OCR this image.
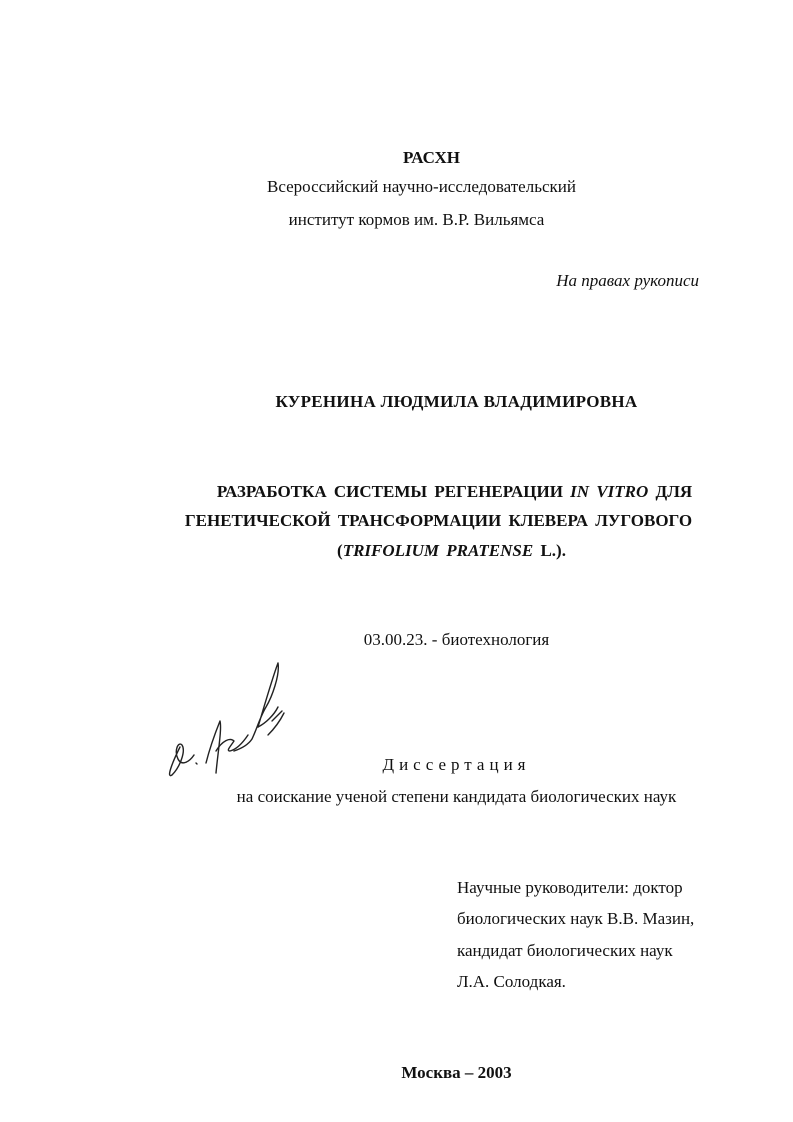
РАСХН
Всероссийский научно-исследовательский
институт кормов им. В.Р. Вильямса
На правах рукописи
КУРЕНИНА ЛЮДМИЛА ВЛАДИМИРОВНА
РАЗРАБОТКА СИСТЕМЫ РЕГЕНЕРАЦИИ IN VITRO ДЛЯ
ГЕНЕТИЧЕСКОЙ ТРАНСФОРМАЦИИ КЛЕВЕРА ЛУГОВОГО
(TRIFOLIUM PRATENSE L.).
03.00.23. - биотехнология
Диссертация
на соискание ученой степени кандидата биологических наук
Научные руководители: доктор
биологических наук В.В. Мазин,
кандидат биологических наук
Л.А. Солодкая.
Москва – 2003
